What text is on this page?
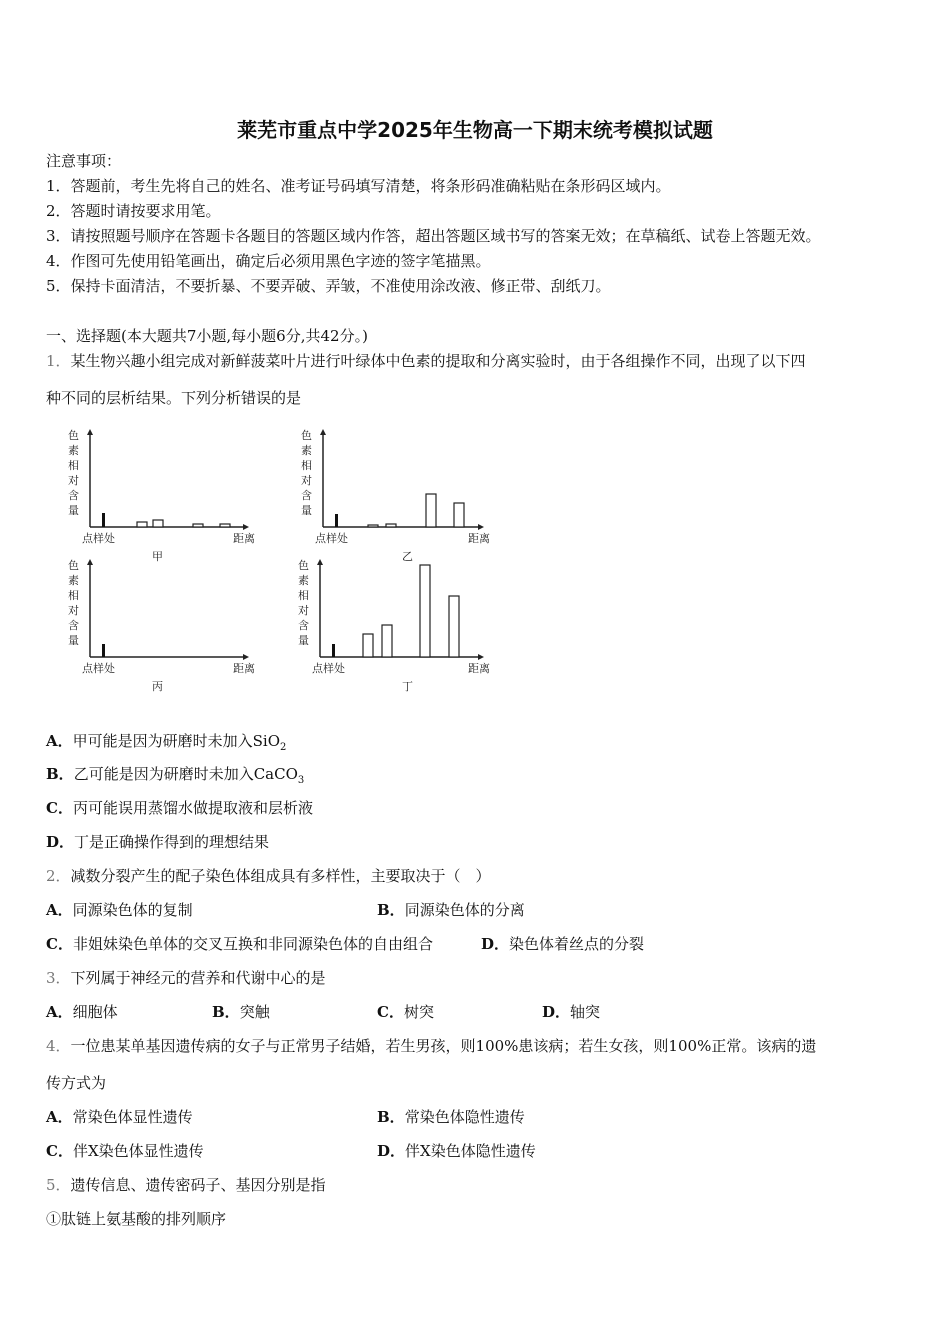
莱芜市重点中学2025年生物高一下期末统考模拟试题
注意事项：
1．答题前，考生先将自己的姓名、准考证号码填写清楚，将条形码准确粘贴在条形码区域内。
2．答题时请按要求用笔。
3．请按照题号顺序在答题卡各题目的答题区域内作答，超出答题区域书写的答案无效；在草稿纸、试卷上答题无效。
4．作图可先使用铅笔画出，确定后必须用黑色字迹的签字笔描黑。
5．保持卡面清洁，不要折暴、不要弄破、弄皱，不准使用涂改液、修正带、刮纸刀。
一、选择题(本大题共7小题,每小题6分,共42分。)
1．某生物兴趣小组完成对新鲜菠菜叶片进行叶绿体中色素的提取和分离实验时，由于各组操作不同，出现了以下四
种不同的层析结果。下列分析错误的是
色
素
相
对
含
量
点样处	距离
甲
色
素
相
对
含
量
点样处	距离
乙
色
素
相
对
含
量
点样处	距离
丙
色
素
相
对
含
量
点样处	距离
丁
A．甲可能是因为研磨时未加入SiO$_2$
B．乙可能是因为研磨时未加入CaCO$_3$
C．丙可能误用蒸馏水做提取液和层析液
D．丁是正确操作得到的理想结果
2．减数分裂产生的配子染色体组成具有多样性，主要取决于（　）
A．同源染色体的复制	B．同源染色体的分离
C．非姐妹染色单体的交叉互换和非同源染色体的自由组合	D．染色体着丝点的分裂
3．下列属于神经元的营养和代谢中心的是
A．细胞体	B．突触	C．树突	D．轴突
4．一位患某单基因遗传病的女子与正常男子结婚，若生男孩，则100%患该病；若生女孩，则100%正常。该病的遗
传方式为
A．常染色体显性遗传	B．常染色体隐性遗传
C．伴X染色体显性遗传	D．伴X染色体隐性遗传
5．遗传信息、遗传密码子、基因分别是指
①肽链上氨基酸的排列顺序
